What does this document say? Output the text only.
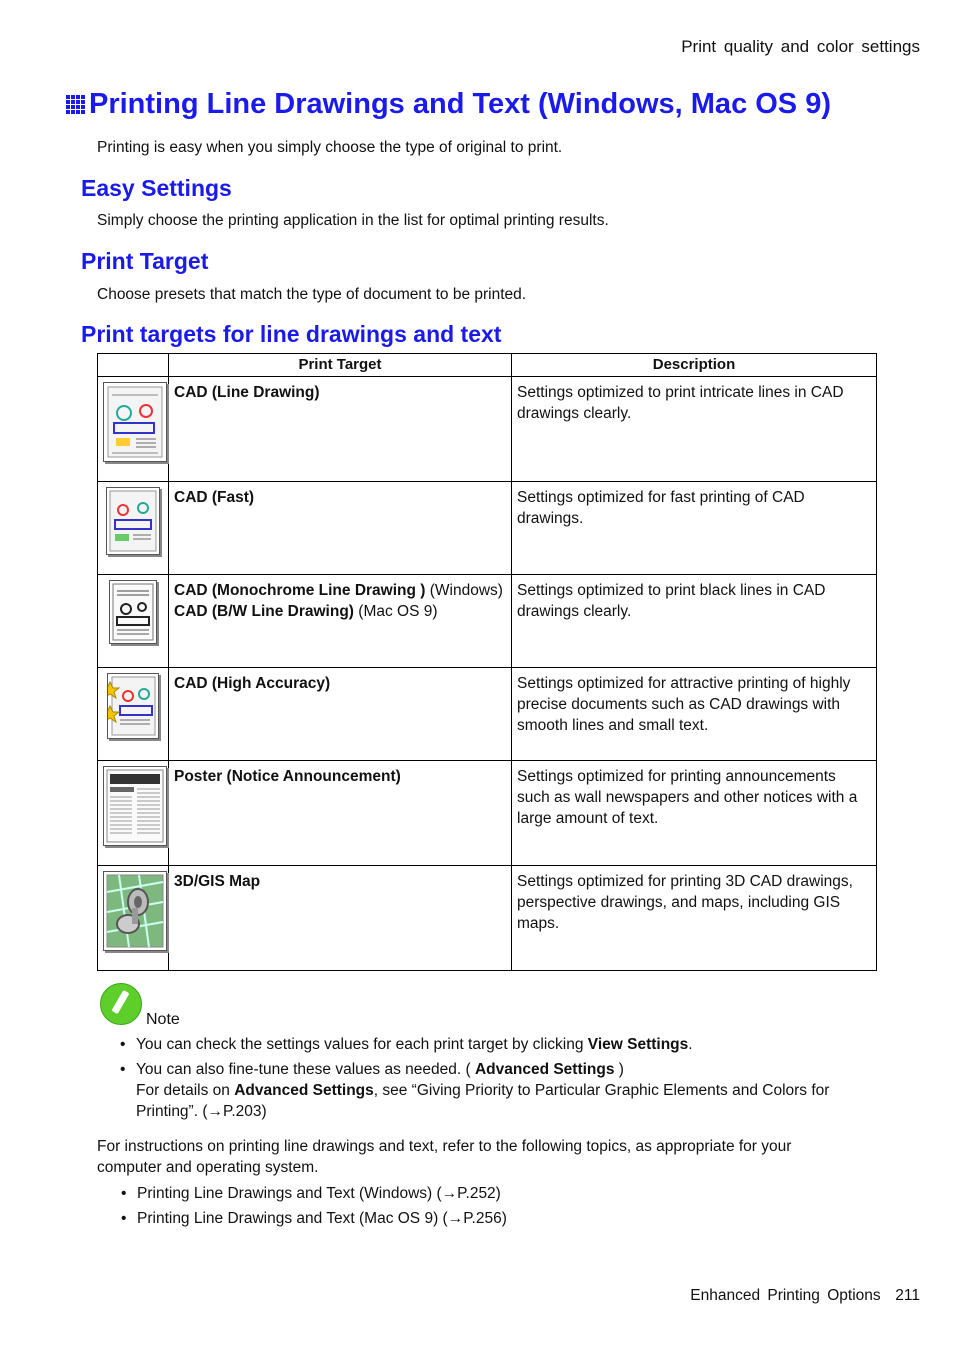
Print quality and color settings
Printing Line Drawings and Text (Windows, Mac OS 9)
Printing is easy when you simply choose the type of original to print.
Easy Settings
Simply choose the printing application in the list for optimal printing results.
Print Target
Choose presets that match the type of document to be printed.
Print targets for line drawings and text
	Print Target	Description

	CAD (Line Drawing)	Settings optimized to print intricate lines in CAD drawings clearly.

	CAD (Fast)	Settings optimized for fast printing of CAD drawings.

	CAD (Monochrome Line Drawing ) (Windows)
CAD (B/W Line Drawing) (Mac OS 9)	Settings optimized to print black lines in CAD drawings clearly.

	CAD (High Accuracy)	Settings optimized for attractive printing of highly precise documents such as CAD drawings with smooth lines and small text.

	Poster (Notice Announcement)	Settings optimized for printing announcements such as wall newspapers and other notices with a large amount of text.

	3D/GIS Map	Settings optimized for printing 3D CAD drawings, perspective drawings, and maps, including GIS maps.
Note
• You can check the settings values for each print target by clicking View Settings.
• You can also fine-tune these values as needed. ( Advanced Settings )
For details on Advanced Settings, see “Giving Priority to Particular Graphic Elements and Colors for Printing”. (→P.203)
For instructions on printing line drawings and text, refer to the following topics, as appropriate for your computer and operating system.
• Printing Line Drawings and Text (Windows) (→P.252)
• Printing Line Drawings and Text (Mac OS 9) (→P.256)
Enhanced Printing Options 211
